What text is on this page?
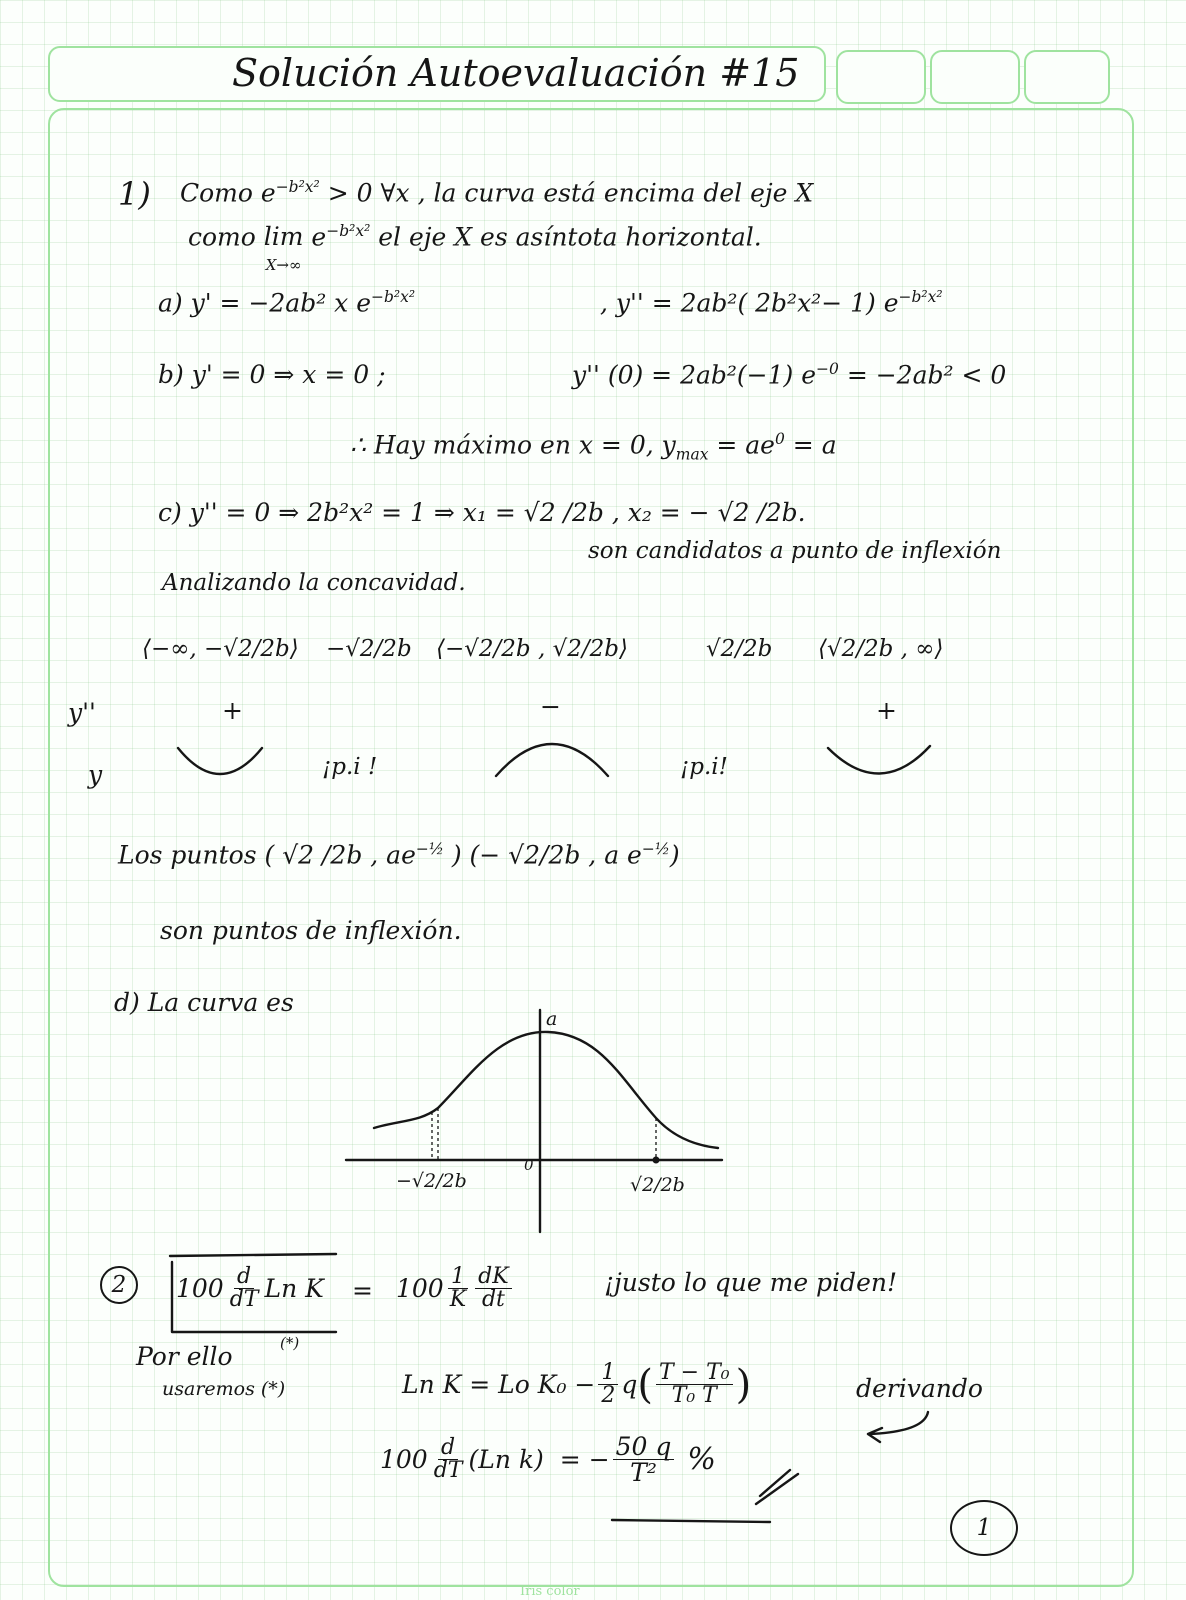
Solución Autoevaluación #15
1) Como $e^{-b^2x^2} > 0$ ∀x , la curva está encima del eje X
como lim
X→∞ $e^{-b^2x^2}$ el eje X es asíntota horizontal.
a) y' = −2ab² x $e^{-b^2x^2}$	, y'' = 2ab²( 2b²x²− 1) $e^{-b^2x^2}$
b) y' = 0 ⇒ x = 0 ;	y'' (0) = 2ab²(−1) $e^{-0} = -2ab^2 < 0$
∴ Hay máximo en x = 0, $y_{max} = ae^0 = a$
c) y'' = 0 ⇒ 2b²x² = 1 ⇒ x₁ = √2 /2b , x₂ = − √2 /2b.
son candidatos a punto de inflexión
Analizando la concavidad.
⟨−∞, −√2/2b⟩ −√2/2b ⟨−√2/2b , √2/2b⟩	√2/2b ⟨√2/2b , ∞⟩
y''	+	−	+
y	¡p.i !	¡p.i!
Los puntos ( √2 /2b , $ae^{-\frac{1}{2}}$ ) (− √2/2b , a $e^{-\frac{1}{2}}$)
son puntos de inflexión.
d) La curva es
a
0
−√2/2b	√2/2b
2 $100 \frac{d}{dT}$ Ln $K = 100 \frac{1}{K} \frac{dK}{dt}$	¡justo lo que me piden!
(*)
Por ello
usaremos (*)	Ln K = Lo $K_0 - \frac{1}{2}$ q ( $\frac{\text{T − T₀}}{\text{T₀ T}}$ )	derivando
$100 \frac{d}{dT} (Ln$ k) = − $\frac{50 q}{\text{T²}}$ %
1
Iris color
